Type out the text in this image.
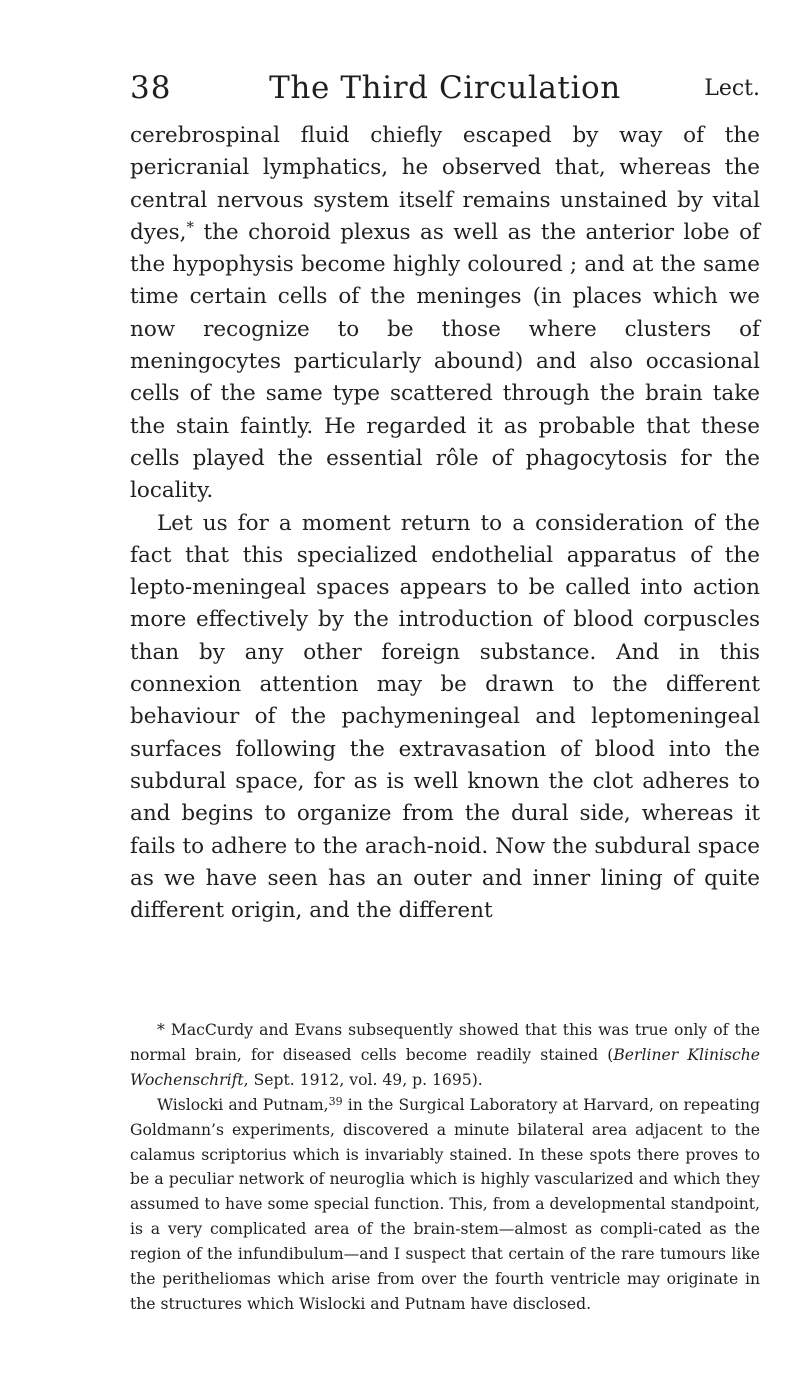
38	The Third Circulation	Lect.

cerebrospinal fluid chiefly escaped by way of the pericranial lymphatics, he observed that, whereas the central nervous system itself remains unstained by vital dyes,* the choroid plexus as well as the anterior lobe of the hypophysis become highly coloured ; and at the same time certain cells of the meninges (in places which we now recognize to be those where clusters of meningocytes particularly abound) and also occasional cells of the same type scattered through the brain take the stain faintly. He regarded it as probable that these cells played the essential rôle of phagocytosis for the locality.

Let us for a moment return to a consideration of the fact that this specialized endothelial apparatus of the lepto-meningeal spaces appears to be called into action more effectively by the introduction of blood corpuscles than by any other foreign substance. And in this connexion attention may be drawn to the different behaviour of the pachymeningeal and leptomeningeal surfaces following the extravasation of blood into the subdural space, for as is well known the clot adheres to and begins to organize from the dural side, whereas it fails to adhere to the arach-noid. Now the subdural space as we have seen has an outer and inner lining of quite different origin, and the different

* MacCurdy and Evans subsequently showed that this was true only of the normal brain, for diseased cells become readily stained (Berliner Klinische Wochenschrift, Sept. 1912, vol. 49, p. 1695).

Wislocki and Putnam,$^{39}$ in the Surgical Laboratory at Harvard, on repeating Goldmann’s experiments, discovered a minute bilateral area adjacent to the calamus scriptorius which is invariably stained. In these spots there proves to be a peculiar network of neuroglia which is highly vascularized and which they assumed to have some special function. This, from a developmental standpoint, is a very complicated area of the brain-stem—almost as compli-cated as the region of the infundibulum—and I suspect that certain of the rare tumours like the peritheliomas which arise from over the fourth ventricle may originate in the structures which Wislocki and Putnam have disclosed.
